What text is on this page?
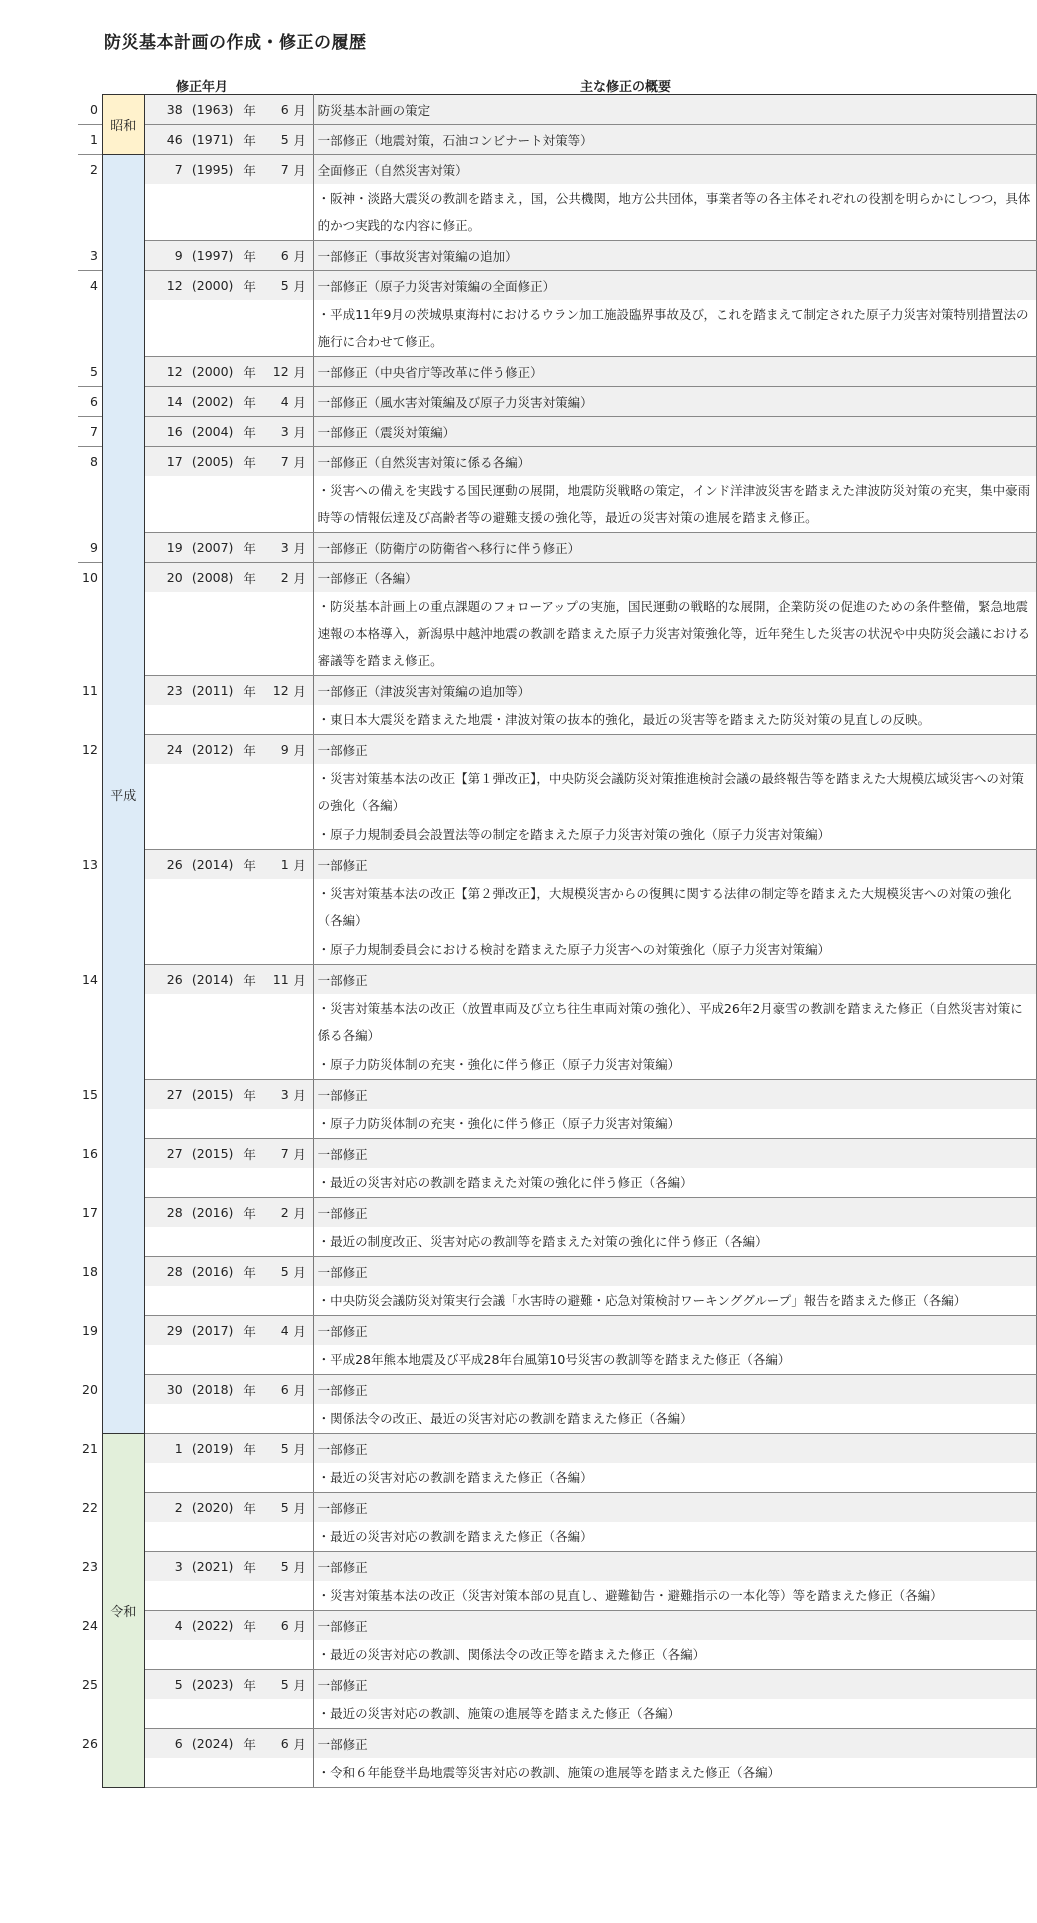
防災基本計画の作成・修正の履歴
修正年月	主な修正の概要
0	昭和	38 (1963) 年 6 月	防災基本計画の策定
1		46 (1971) 年 5 月	一部修正（地震対策，石油コンビナート対策等）
2	平成	7 (1995) 年 7 月	全面修正（自然災害対策）
			・阪神・淡路大震災の教訓を踏まえ，国，公共機関，地方公共団体，事業者等の各主体それぞれの役割を明らかにしつつ，具体的かつ実践的な内容に修正。
3		9 (1997) 年 6 月	一部修正（事故災害対策編の追加）
4		12 (2000) 年 5 月	一部修正（原子力災害対策編の全面修正）
			・平成11年9月の茨城県東海村におけるウラン加工施設臨界事故及び，これを踏まえて制定された原子力災害対策特別措置法の施行に合わせて修正。
5		12 (2000) 年 12 月	一部修正（中央省庁等改革に伴う修正）
6		14 (2002) 年 4 月	一部修正（風水害対策編及び原子力災害対策編）
7		16 (2004) 年 3 月	一部修正（震災対策編）
8		17 (2005) 年 7 月	一部修正（自然災害対策に係る各編）
			・災害への備えを実践する国民運動の展開，地震防災戦略の策定，インド洋津波災害を踏まえた津波防災対策の充実，集中豪雨時等の情報伝達及び高齢者等の避難支援の強化等，最近の災害対策の進展を踏まえ修正。
9		19 (2007) 年 3 月	一部修正（防衛庁の防衛省へ移行に伴う修正）
10		20 (2008) 年 2 月	一部修正（各編）
			・防災基本計画上の重点課題のフォローアップの実施，国民運動の戦略的な展開，企業防災の促進のための条件整備，緊急地震速報の本格導入，新潟県中越沖地震の教訓を踏まえた原子力災害対策強化等，近年発生した災害の状況や中央防災会議における審議等を踏まえ修正。
11		23 (2011) 年 12 月	一部修正（津波災害対策編の追加等）
			・東日本大震災を踏まえた地震・津波対策の抜本的強化，最近の災害等を踏まえた防災対策の見直しの反映。
12		24 (2012) 年 9 月	一部修正
			・災害対策基本法の改正【第１弾改正】，中央防災会議防災対策推進検討会議の最終報告等を踏まえた大規模広域災害への対策の強化（各編）
			・原子力規制委員会設置法等の制定を踏まえた原子力災害対策の強化（原子力災害対策編）
13		26 (2014) 年 1 月	一部修正
			・災害対策基本法の改正【第２弾改正】，大規模災害からの復興に関する法律の制定等を踏まえた大規模災害への対策の強化（各編）
			・原子力規制委員会における検討を踏まえた原子力災害への対策強化（原子力災害対策編）
14		26 (2014) 年 11 月	一部修正
			・災害対策基本法の改正（放置車両及び立ち往生車両対策の強化）、平成26年2月豪雪の教訓を踏まえた修正（自然災害対策に係る各編）
			・原子力防災体制の充実・強化に伴う修正（原子力災害対策編）
15		27 (2015) 年 3 月	一部修正
			・原子力防災体制の充実・強化に伴う修正（原子力災害対策編）
16		27 (2015) 年 7 月	一部修正
			・最近の災害対応の教訓を踏まえた対策の強化に伴う修正（各編）
17		28 (2016) 年 2 月	一部修正
			・最近の制度改正、災害対応の教訓等を踏まえた対策の強化に伴う修正（各編）
18		28 (2016) 年 5 月	一部修正
			・中央防災会議防災対策実行会議「水害時の避難・応急対策検討ワーキンググループ」報告を踏まえた修正（各編）
19		29 (2017) 年 4 月	一部修正
			・平成28年熊本地震及び平成28年台風第10号災害の教訓等を踏まえた修正（各編）
20		30 (2018) 年 6 月	一部修正
			・関係法令の改正、最近の災害対応の教訓を踏まえた修正（各編）
21	令和	1 (2019) 年 5 月	一部修正
			・最近の災害対応の教訓を踏まえた修正（各編）
22		2 (2020) 年 5 月	一部修正
			・最近の災害対応の教訓を踏まえた修正（各編）
23		3 (2021) 年 5 月	一部修正
			・災害対策基本法の改正（災害対策本部の見直し、避難勧告・避難指示の一本化等）等を踏まえた修正（各編）
24		4 (2022) 年 6 月	一部修正
			・最近の災害対応の教訓、関係法令の改正等を踏まえた修正（各編）
25		5 (2023) 年 5 月	一部修正
			・最近の災害対応の教訓、施策の進展等を踏まえた修正（各編）
26		6 (2024) 年 6 月	一部修正
			・令和６年能登半島地震等災害対応の教訓、施策の進展等を踏まえた修正（各編）
